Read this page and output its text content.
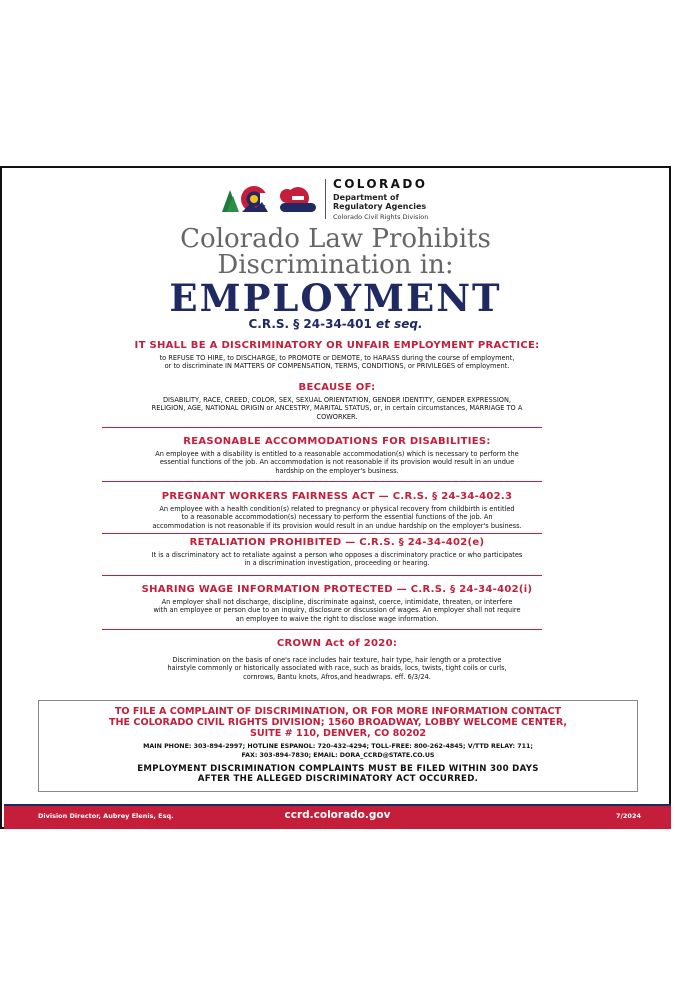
COLORADO
Department of
Regulatory Agencies
Colorado Civil Rights Division
Colorado Law Prohibits
Discrimination in:
EMPLOYMENT
C.R.S. § 24-34-401 et seq.
IT SHALL BE A DISCRIMINATORY OR UNFAIR EMPLOYMENT PRACTICE:
to REFUSE TO HIRE, to DISCHARGE, to PROMOTE or DEMOTE, to HARASS during the course of employment,
or to discriminate IN MATTERS OF COMPENSATION, TERMS, CONDITIONS, or PRIVILEGES of employment.
BECAUSE OF:
DISABILITY, RACE, CREED, COLOR, SEX, SEXUAL ORIENTATION, GENDER IDENTITY, GENDER EXPRESSION,
RELIGION, AGE, NATIONAL ORIGIN or ANCESTRY, MARITAL STATUS, or, in certain circumstances, MARRIAGE TO A
COWORKER.
REASONABLE ACCOMMODATIONS FOR DISABILITIES:
An employee with a disability is entitled to a reasonable accommodation(s) which is necessary to perform the
essential functions of the job. An accommodation is not reasonable if its provision would result in an undue
hardship on the employer's business.
PREGNANT WORKERS FAIRNESS ACT — C.R.S. § 24-34-402.3
An employee with a health condition(s) related to pregnancy or physical recovery from childbirth is entitled
to a reasonable accommodation(s) necessary to perform the essential functions of the job. An
accommodation is not reasonable if its provision would result in an undue hardship on the employer's business.
RETALIATION PROHIBITED — C.R.S. § 24-34-402(e)
It is a discriminatory act to retaliate against a person who opposes a discriminatory practice or who participates
in a discrimination investigation, proceeding or hearing.
SHARING WAGE INFORMATION PROTECTED — C.R.S. § 24-34-402(i)
An employer shall not discharge, discipline, discriminate against, coerce, intimidate, threaten, or interfere
with an employee or person due to an inquiry, disclosure or discussion of wages. An employer shall not require
an employee to waive the right to disclose wage information.
CROWN Act of 2020:
Discrimination on the basis of one's race includes hair texture, hair type, hair length or a protective
hairstyle commonly or historically associated with race, such as braids, locs, twists, tight coils or curls,
cornrows, Bantu knots, Afros,and headwraps. eff. 6/3/24.
TO FILE A COMPLAINT OF DISCRIMINATION, OR FOR MORE INFORMATION CONTACT
THE COLORADO CIVIL RIGHTS DIVISION; 1560 BROADWAY, LOBBY WELCOME CENTER,
SUITE # 110, DENVER, CO 80202
MAIN PHONE: 303-894-2997; HOTLINE ESPANOL: 720-432-4294; TOLL-FREE: 800-262-4845; V/TTD RELAY: 711;
FAX: 303-894-7830; EMAIL: DORA_CCRD@STATE.CO.US
EMPLOYMENT DISCRIMINATION COMPLAINTS MUST BE FILED WITHIN 300 DAYS
AFTER THE ALLEGED DISCRIMINATORY ACT OCCURRED.
Division Director, Aubrey Elenis, Esq.	ccrd.colorado.gov	7/2024
